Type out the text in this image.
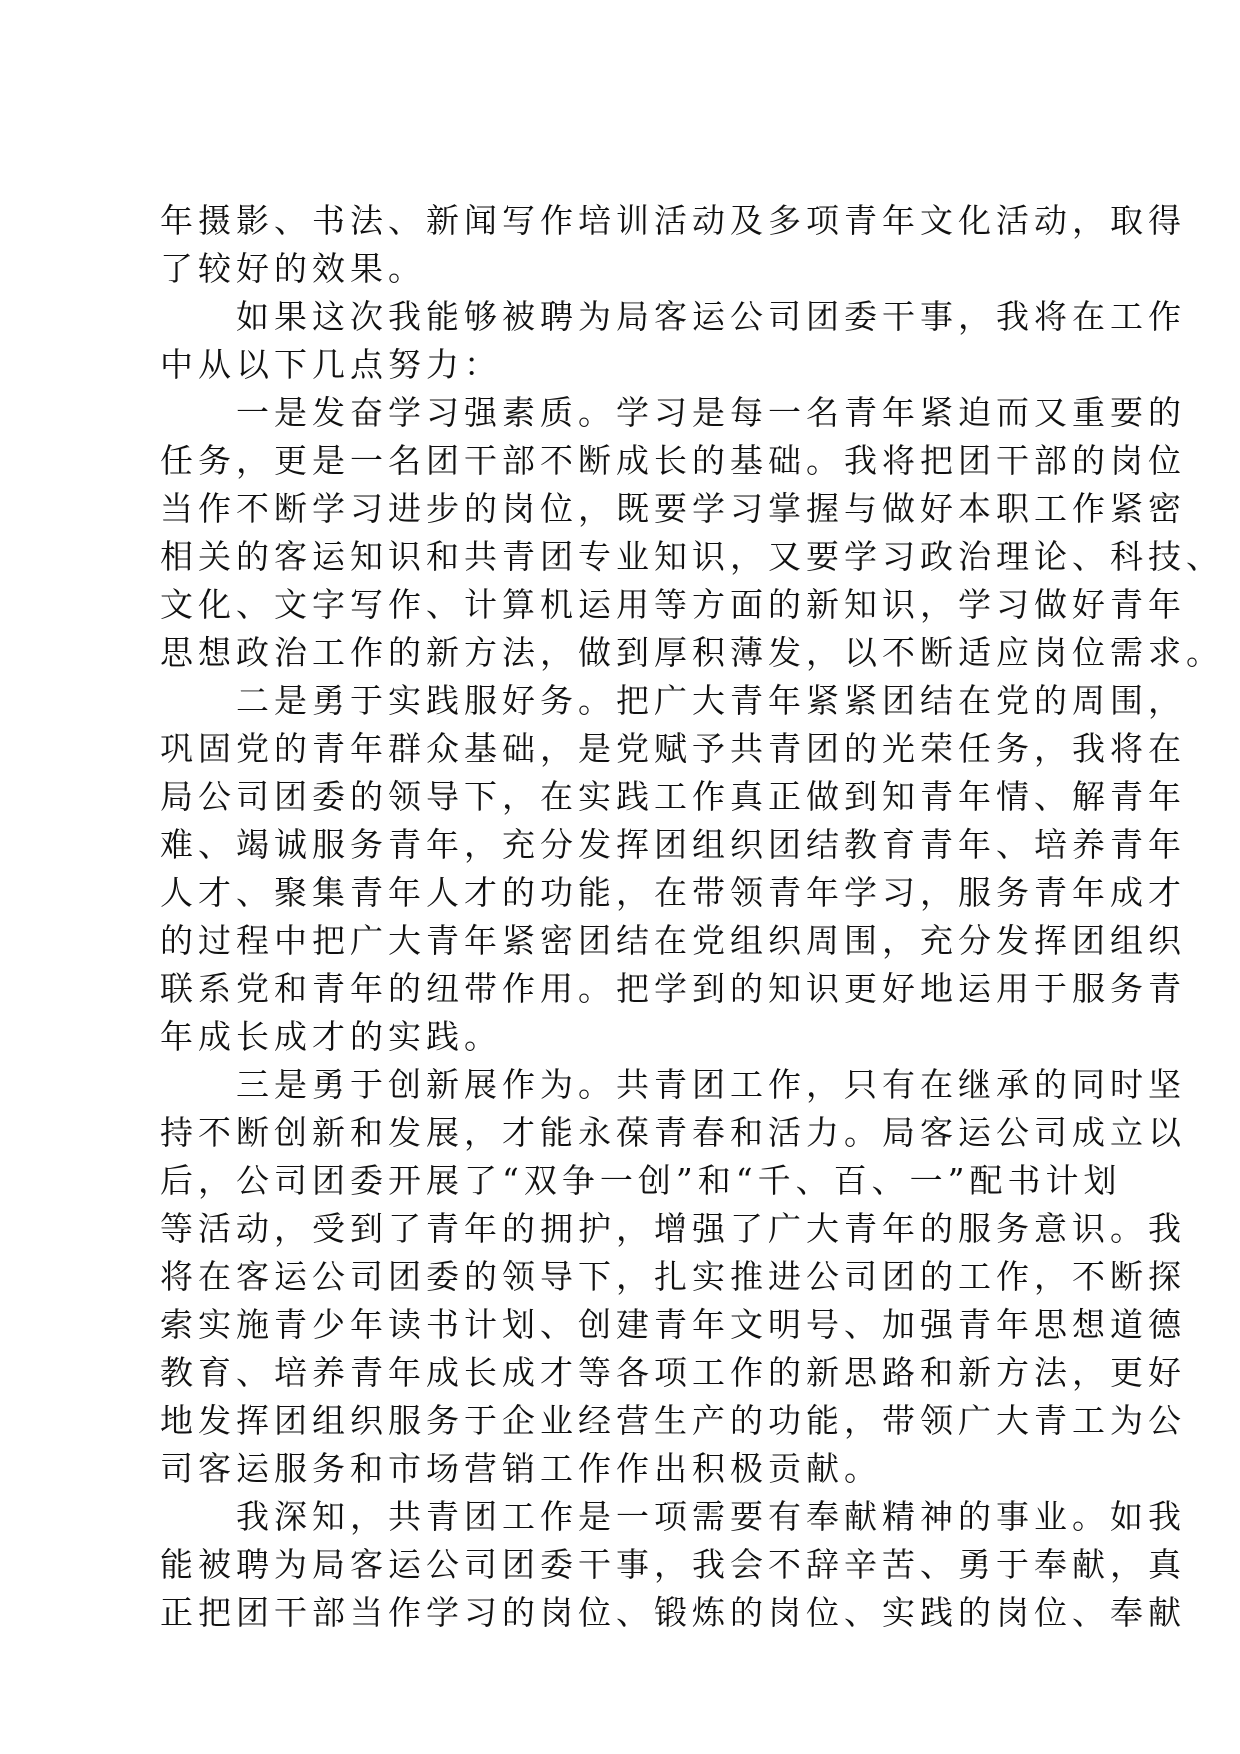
年摄影、书法、新闻写作培训活动及多项青年文化活动，取得
了较好的效果。
如果这次我能够被聘为局客运公司团委干事，我将在工作
中从以下几点努力：
一是发奋学习强素质。学习是每一名青年紧迫而又重要的
任务，更是一名团干部不断成长的基础。我将把团干部的岗位
当作不断学习进步的岗位，既要学习掌握与做好本职工作紧密
相关的客运知识和共青团专业知识，又要学习政治理论、科技、
文化、文字写作、计算机运用等方面的新知识，学习做好青年
思想政治工作的新方法，做到厚积薄发，以不断适应岗位需求。
二是勇于实践服好务。把广大青年紧紧团结在党的周围，
巩固党的青年群众基础，是党赋予共青团的光荣任务，我将在
局公司团委的领导下，在实践工作真正做到知青年情、解青年
难、竭诚服务青年，充分发挥团组织团结教育青年、培养青年
人才、聚集青年人才的功能，在带领青年学习，服务青年成才
的过程中把广大青年紧密团结在党组织周围，充分发挥团组织
联系党和青年的纽带作用。把学到的知识更好地运用于服务青
年成长成才的实践。
三是勇于创新展作为。共青团工作，只有在继承的同时坚
持不断创新和发展，才能永葆青春和活力。局客运公司成立以
后，公司团委开展了“双争一创”和“千、百、一”配书计划
等活动，受到了青年的拥护，增强了广大青年的服务意识。我
将在客运公司团委的领导下，扎实推进公司团的工作，不断探
索实施青少年读书计划、创建青年文明号、加强青年思想道德
教育、培养青年成长成才等各项工作的新思路和新方法，更好
地发挥团组织服务于企业经营生产的功能，带领广大青工为公
司客运服务和市场营销工作作出积极贡献。
我深知，共青团工作是一项需要有奉献精神的事业。如我
能被聘为局客运公司团委干事，我会不辞辛苦、勇于奉献，真
正把团干部当作学习的岗位、锻炼的岗位、实践的岗位、奉献
